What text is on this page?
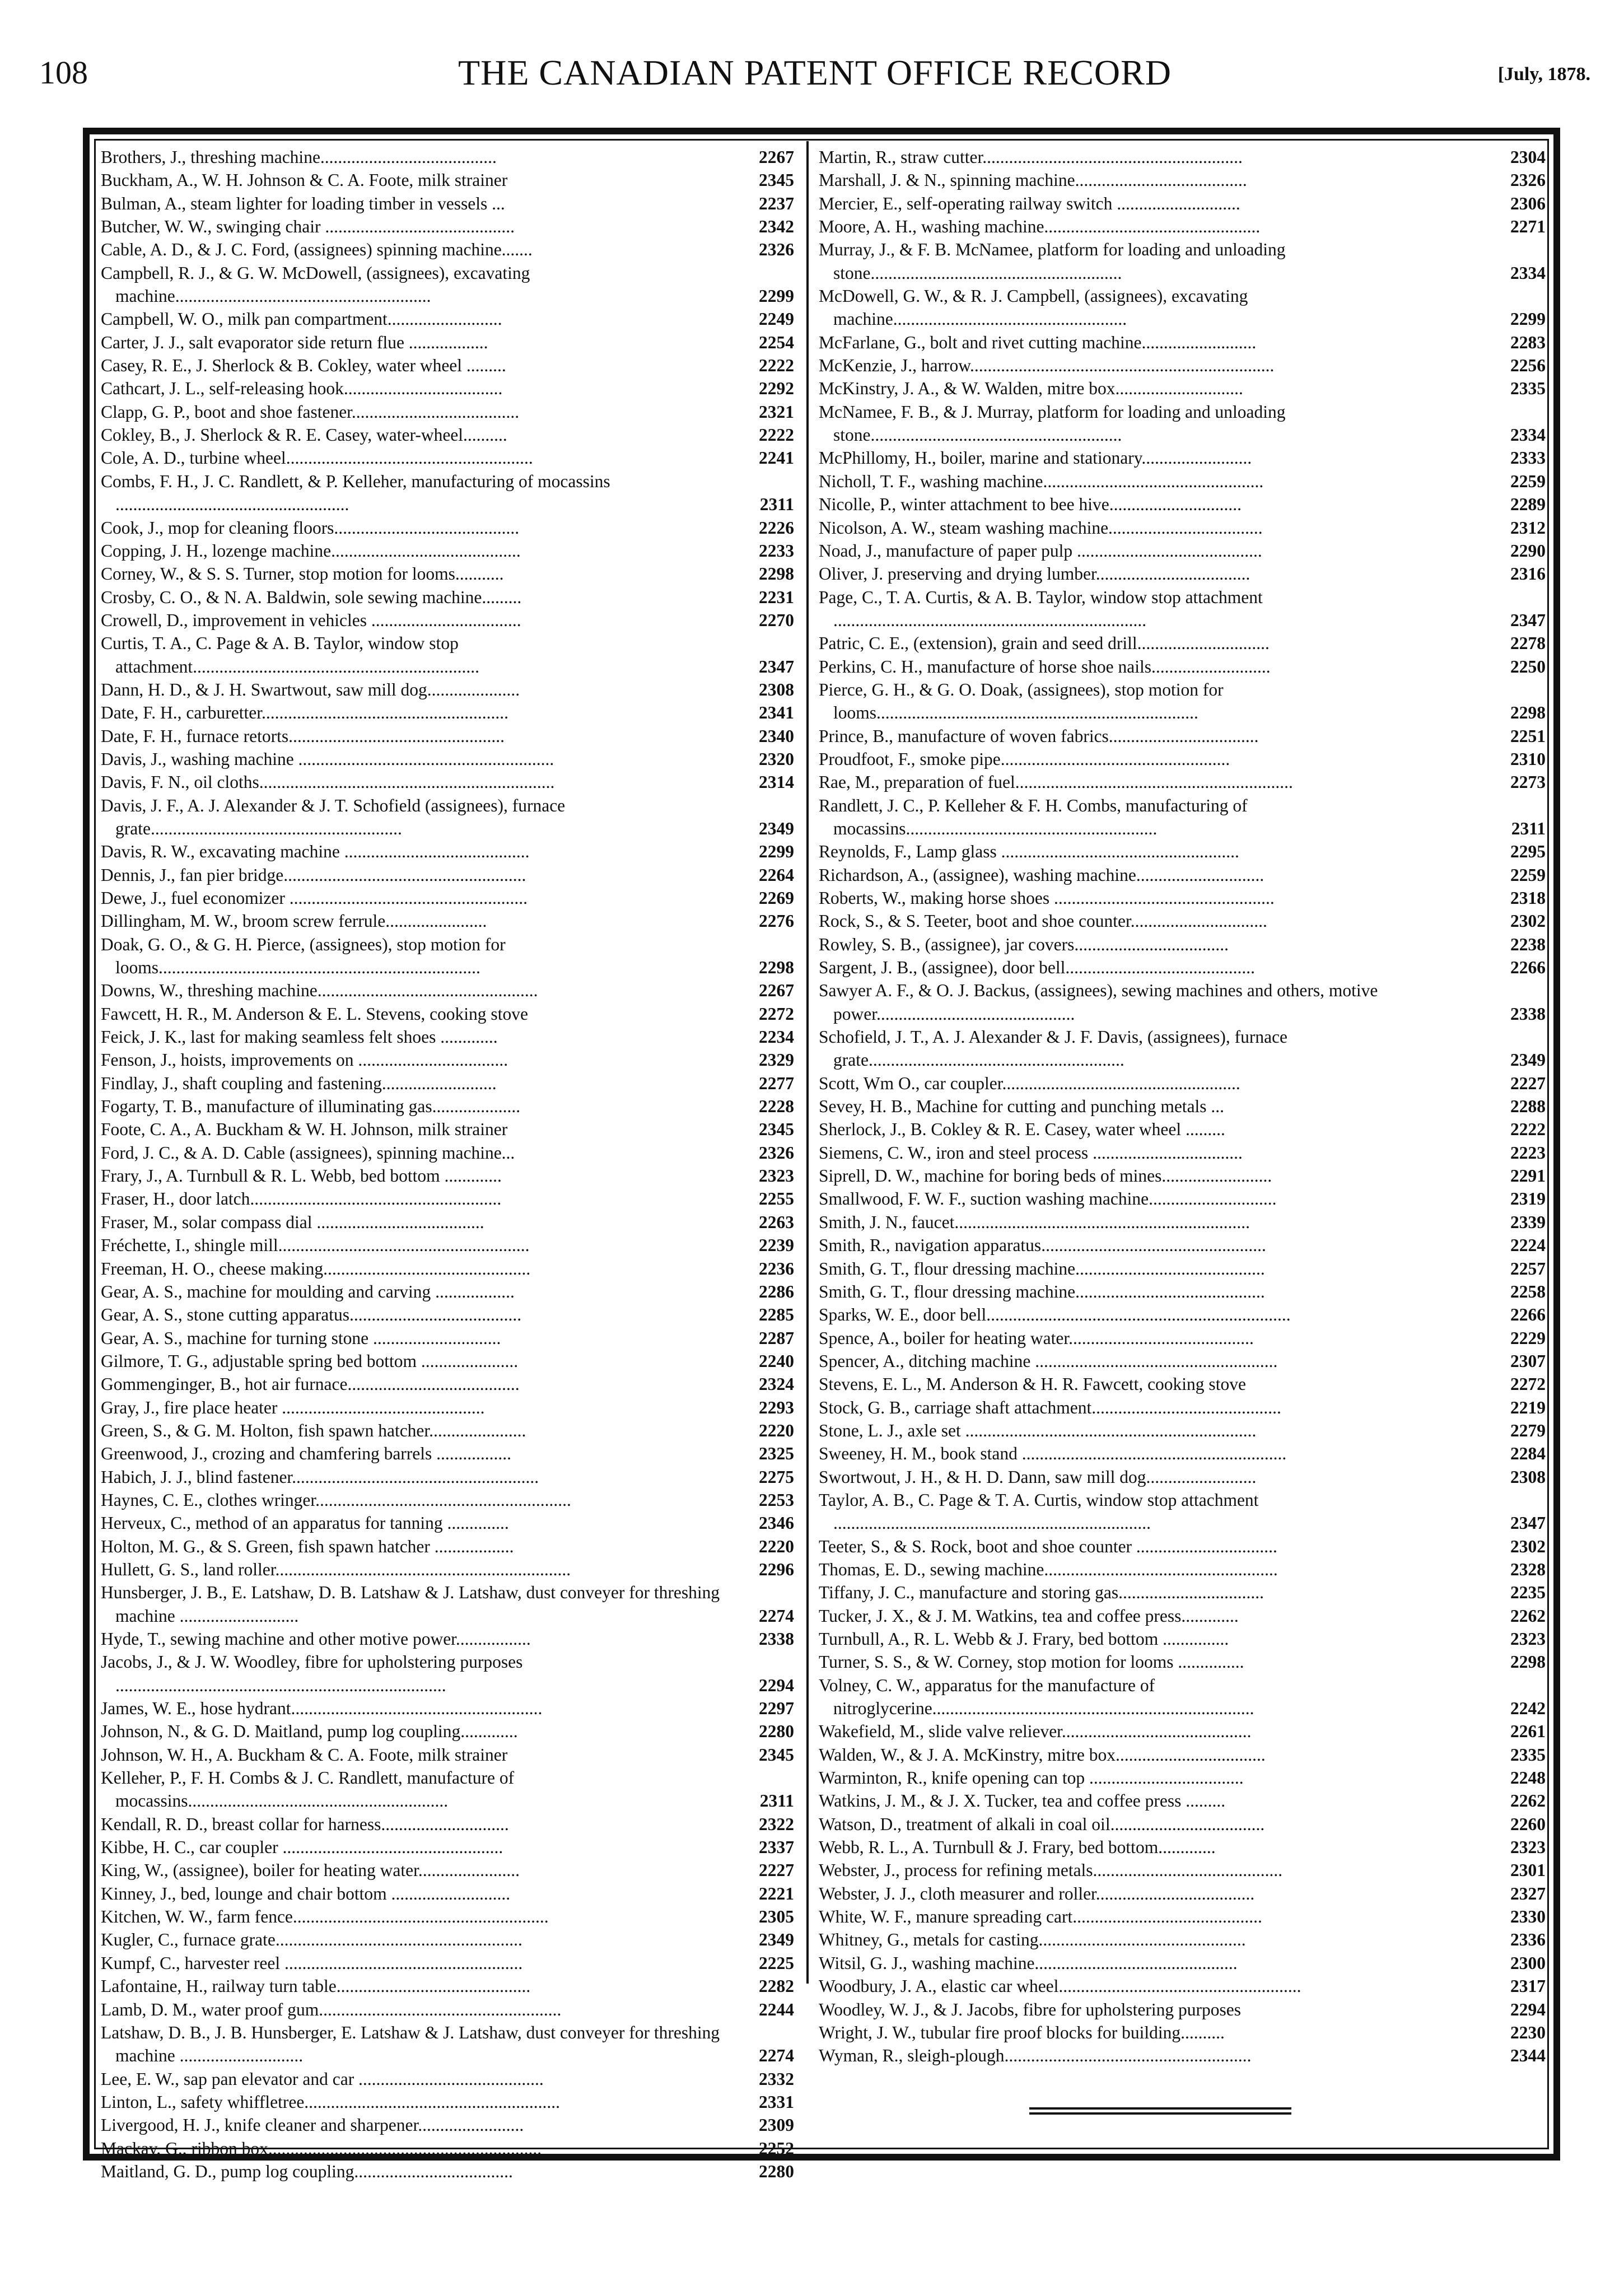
THE CANADIAN PATENT OFFICE RECORD
108	[July, 1878.
Brothers, J., threshing machine........................................	2267
Buckham, A., W. H. Johnson & C. A. Foote, milk strainer	2345
Bulman, A., steam lighter for loading timber in vessels ...	2237
Butcher, W. W., swinging chair ...........................................	2342
Cable, A. D., & J. C. Ford, (assignees) spinning machine.......	2326
Campbell, R. J., & G. W. McDowell, (assignees), excavating machine..........................................................	2299
Campbell, W. O., milk pan compartment..........................	2249
Carter, J. J., salt evaporator side return flue ..................	2254
Casey, R. E., J. Sherlock & B. Cokley, water wheel .........	2222
Cathcart, J. L., self-releasing hook....................................	2292
Clapp, G. P., boot and shoe fastener......................................	2321
Cokley, B., J. Sherlock & R. E. Casey, water-wheel..........	2222
Cole, A. D., turbine wheel........................................................	2241
Combs, F. H., J. C. Randlett, & P. Kelleher, manufacturing of mocassins .....................................................	2311
Cook, J., mop for cleaning floors..........................................	2226
Copping, J. H., lozenge machine...........................................	2233
Corney, W., & S. S. Turner, stop motion for looms...........	2298
Crosby, C. O., & N. A. Baldwin, sole sewing machine.........	2231
Crowell, D., improvement in vehicles ..................................	2270
Curtis, T. A., C. Page & A. B. Taylor, window stop attachment.................................................................	2347
Dann, H. D., & J. H. Swartwout, saw mill dog.....................	2308
Date, F. H., carburetter........................................................	2341
Date, F. H., furnace retorts.................................................	2340
Davis, J., washing machine ..........................................................	2320
Davis, F. N., oil cloths...................................................................	2314
Davis, J. F., A. J. Alexander & J. T. Schofield (assignees), furnace grate.........................................................	2349
Davis, R. W., excavating machine ..........................................	2299
Dennis, J., fan pier bridge.......................................................	2264
Dewe, J., fuel economizer ......................................................	2269
Dillingham, M. W., broom screw ferrule.......................	2276
Doak, G. O., & G. H. Pierce, (assignees), stop motion for looms.........................................................................	2298
Downs, W., threshing machine..................................................	2267
Fawcett, H. R., M. Anderson & E. L. Stevens, cooking stove	2272
Feick, J. K., last for making seamless felt shoes .............	2234
Fenson, J., hoists, improvements on ..................................	2329
Findlay, J., shaft coupling and fastening..........................	2277
Fogarty, T. B., manufacture of illuminating gas....................	2228
Foote, C. A., A. Buckham & W. H. Johnson, milk strainer	2345
Ford, J. C., & A. D. Cable (assignees), spinning machine...	2326
Frary, J., A. Turnbull & R. L. Webb, bed bottom .............	2323
Fraser, H., door latch.........................................................	2255
Fraser, M., solar compass dial ......................................	2263
Fréchette, I., shingle mill.........................................................	2239
Freeman, H. O., cheese making...............................................	2236
Gear, A. S., machine for moulding and carving ..................	2286
Gear, A. S., stone cutting apparatus.......................................	2285
Gear, A. S., machine for turning stone .............................	2287
Gilmore, T. G., adjustable spring bed bottom ......................	2240
Gommenginger, B., hot air furnace.......................................	2324
Gray, J., fire place heater ..............................................	2293
Green, S., & G. M. Holton, fish spawn hatcher......................	2220
Greenwood, J., crozing and chamfering barrels .................	2325
Habich, J. J., blind fastener........................................................	2275
Haynes, C. E., clothes wringer..........................................................	2253
Herveux, C., method of an apparatus for tanning ..............	2346
Holton, M. G., & S. Green, fish spawn hatcher ..................	2220
Hullett, G. S., land roller...................................................................	2296
Hunsberger, J. B., E. Latshaw, D. B. Latshaw & J. Latshaw, dust conveyer for threshing machine ...........................	2274
Hyde, T., sewing machine and other motive power.................	2338
Jacobs, J., & J. W. Woodley, fibre for upholstering purposes ...........................................................................	2294
James, W. E., hose hydrant.........................................................	2297
Johnson, N., & G. D. Maitland, pump log coupling.............	2280
Johnson, W. H., A. Buckham & C. A. Foote, milk strainer	2345
Kelleher, P., F. H. Combs & J. C. Randlett, manufacture of mocassins...........................................................	2311
Kendall, R. D., breast collar for harness.............................	2322
Kibbe, H. C., car coupler ..................................................	2337
King, W., (assignee), boiler for heating water.......................	2227
Kinney, J., bed, lounge and chair bottom ...........................	2221
Kitchen, W. W., farm fence..........................................................	2305
Kugler, C., furnace grate........................................................	2349
Kumpf, C., harvester reel ......................................................	2225
Lafontaine, H., railway turn table............................................	2282
Lamb, D. M., water proof gum.......................................................	2244
Latshaw, D. B., J. B. Hunsberger, E. Latshaw & J. Latshaw, dust conveyer for threshing machine ............................	2274
Lee, E. W., sap pan elevator and car ..........................................	2332
Linton, L., safety whiffletree..........................................................	2331
Livergood, H. J., knife cleaner and sharpener........................	2309
Mackay, G., ribbon box..............................................................	2252
Maitland, G. D., pump log coupling....................................	2280
Martin, R., straw cutter...........................................................	2304
Marshall, J. & N., spinning machine.......................................	2326
Mercier, E., self-operating railway switch ............................	2306
Moore, A. H., washing machine.................................................	2271
Murray, J., & F. B. McNamee, platform for loading and unloading stone.........................................................	2334
McDowell, G. W., & R. J. Campbell, (assignees), excavating machine.....................................................	2299
McFarlane, G., bolt and rivet cutting machine..........................	2283
McKenzie, J., harrow.....................................................................	2256
McKinstry, J. A., & W. Walden, mitre box.............................	2335
McNamee, F. B., & J. Murray, platform for loading and unloading stone.........................................................	2334
McPhillomy, H., boiler, marine and stationary.........................	2333
Nicholl, T. F., washing machine..................................................	2259
Nicolle, P., winter attachment to bee hive..............................	2289
Nicolson, A. W., steam washing machine...................................	2312
Noad, J., manufacture of paper pulp ..........................................	2290
Oliver, J. preserving and drying lumber...................................	2316
Page, C., T. A. Curtis, & A. B. Taylor, window stop attachment .......................................................................	2347
Patric, C. E., (extension), grain and seed drill..............................	2278
Perkins, C. H., manufacture of horse shoe nails...........................	2250
Pierce, G. H., & G. O. Doak, (assignees), stop motion for looms.........................................................................	2298
Prince, B., manufacture of woven fabrics..................................	2251
Proudfoot, F., smoke pipe....................................................	2310
Rae, M., preparation of fuel...............................................................	2273
Randlett, J. C., P. Kelleher & F. H. Combs, manufacturing of mocassins.........................................................	2311
Reynolds, F., Lamp glass ......................................................	2295
Richardson, A., (assignee), washing machine.............................	2259
Roberts, W., making horse shoes ..................................................	2318
Rock, S., & S. Teeter, boot and shoe counter...............................	2302
Rowley, S. B., (assignee), jar covers...................................	2238
Sargent, J. B., (assignee), door bell...........................................	2266
Sawyer A. F., & O. J. Backus, (assignees), sewing machines and others, motive power.............................................	2338
Schofield, J. T., A. J. Alexander & J. F. Davis, (assignees), furnace grate..........................................................	2349
Scott, Wm O., car coupler......................................................	2227
Sevey, H. B., Machine for cutting and punching metals ...	2288
Sherlock, J., B. Cokley & R. E. Casey, water wheel .........	2222
Siemens, C. W., iron and steel process ..................................	2223
Siprell, D. W., machine for boring beds of mines.........................	2291
Smallwood, F. W. F., suction washing machine.............................	2319
Smith, J. N., faucet...................................................................	2339
Smith, R., navigation apparatus...................................................	2224
Smith, G. T., flour dressing machine...........................................	2257
Smith, G. T., flour dressing machine...........................................	2258
Sparks, W. E., door bell.....................................................................	2266
Spence, A., boiler for heating water..........................................	2229
Spencer, A., ditching machine .......................................................	2307
Stevens, E. L., M. Anderson & H. R. Fawcett, cooking stove	2272
Stock, G. B., carriage shaft attachment...........................................	2219
Stone, L. J., axle set ..................................................................	2279
Sweeney, H. M., book stand ............................................................	2284
Swortwout, J. H., & H. D. Dann, saw mill dog.........................	2308
Taylor, A. B., C. Page & T. A. Curtis, window stop attachment ........................................................................	2347
Teeter, S., & S. Rock, boot and shoe counter ................................	2302
Thomas, E. D., sewing machine.....................................................	2328
Tiffany, J. C., manufacture and storing gas.................................	2235
Tucker, J. X., & J. M. Watkins, tea and coffee press.............	2262
Turnbull, A., R. L. Webb & J. Frary, bed bottom ...............	2323
Turner, S. S., & W. Corney, stop motion for looms ...............	2298
Volney, C. W., apparatus for the manufacture of nitroglycerine.........................................................................	2242
Wakefield, M., slide valve reliever...........................................	2261
Walden, W., & J. A. McKinstry, mitre box..................................	2335
Warminton, R., knife opening can top ...................................	2248
Watkins, J. M., & J. X. Tucker, tea and coffee press .........	2262
Watson, D., treatment of alkali in coal oil...................................	2260
Webb, R. L., A. Turnbull & J. Frary, bed bottom.............	2323
Webster, J., process for refining metals...........................................	2301
Webster, J. J., cloth measurer and roller....................................	2327
White, W. F., manure spreading cart...........................................	2330
Whitney, G., metals for casting...............................................	2336
Witsil, G. J., washing machine..............................................	2300
Woodbury, J. A., elastic car wheel.......................................................	2317
Woodley, W. J., & J. Jacobs, fibre for upholstering purposes	2294
Wright, J. W., tubular fire proof blocks for building..........	2230
Wyman, R., sleigh-plough........................................................	2344
